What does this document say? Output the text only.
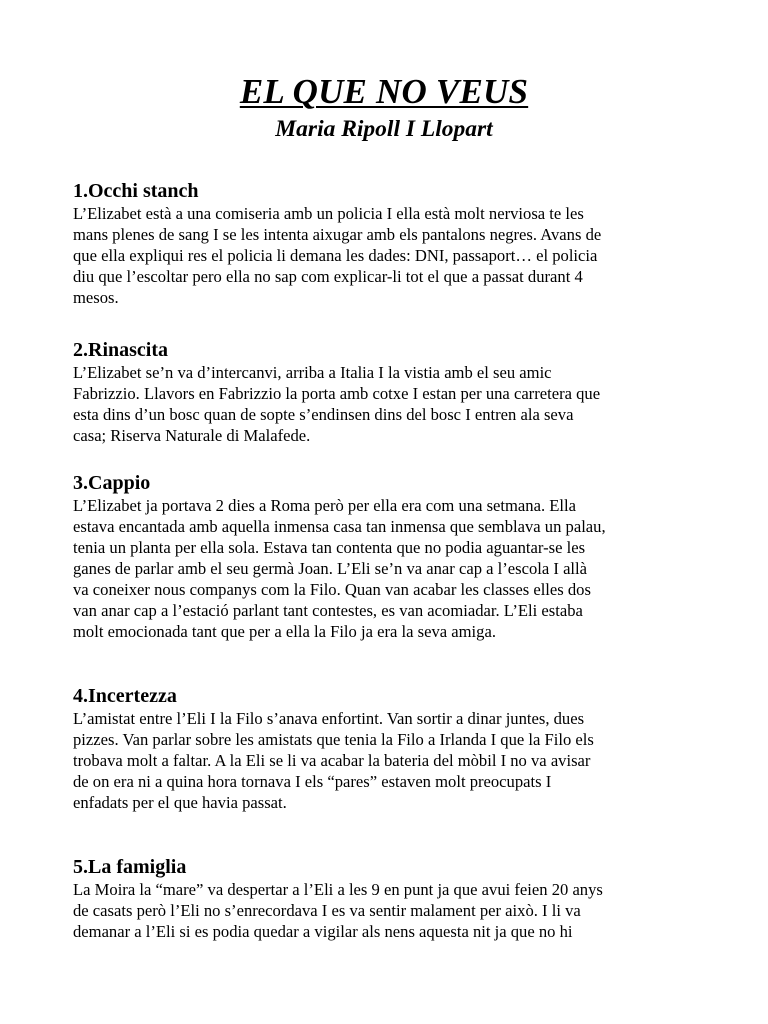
EL QUE NO VEUS
Maria Ripoll I Llopart
1.Occhi stanch

L’Elizabet està a una comiseria amb un policia I ella està molt nerviosa te les
mans plenes de sang I se les intenta aixugar amb els pantalons negres. Avans de
que ella expliqui res el policia li demana les dades: DNI, passaport… el policia
diu que l’escoltar pero ella no sap com explicar-li tot el que a passat durant 4
mesos.

2.Rinascita

L’Elizabet se’n va d’intercanvi, arriba a Italia I la vistia amb el seu amic
Fabrizzio. Llavors en Fabrizzio la porta amb cotxe I estan per una carretera que
esta dins d’un bosc quan de sopte s’endinsen dins del bosc I entren ala seva
casa; Riserva Naturale di Malafede.

3.Cappio

L’Elizabet ja portava 2 dies a Roma però per ella era com una setmana. Ella
estava encantada amb aquella inmensa casa tan inmensa que semblava un palau,
tenia un planta per ella sola. Estava tan contenta que no podia aguantar-se les
ganes de parlar amb el seu germà Joan. L’Eli se’n va anar cap a l’escola I allà
va coneixer nous companys com la Filo. Quan van acabar les classes elles dos
van anar cap a l’estació parlant tant contestes, es van acomiadar. L’Eli estaba
molt emocionada tant que per a ella la Filo ja era la seva amiga.

4.Incertezza

L’amistat entre l’Eli I la Filo s’anava enfortint. Van sortir a dinar juntes, dues
pizzes. Van parlar sobre les amistats que tenia la Filo a Irlanda I que la Filo els
trobava molt a faltar. A la Eli se li va acabar la bateria del mòbil I no va avisar
de on era ni a quina hora tornava I els “pares” estaven molt preocupats I
enfadats per el que havia passat.

5.La famiglia

La Moira la “mare” va despertar a l’Eli a les 9 en punt ja que avui feien 20 anys
de casats però l’Eli no s’enrecordava I es va sentir malament per això. I li va
demanar a l’Eli si es podia quedar a vigilar als nens aquesta nit ja que no hi
